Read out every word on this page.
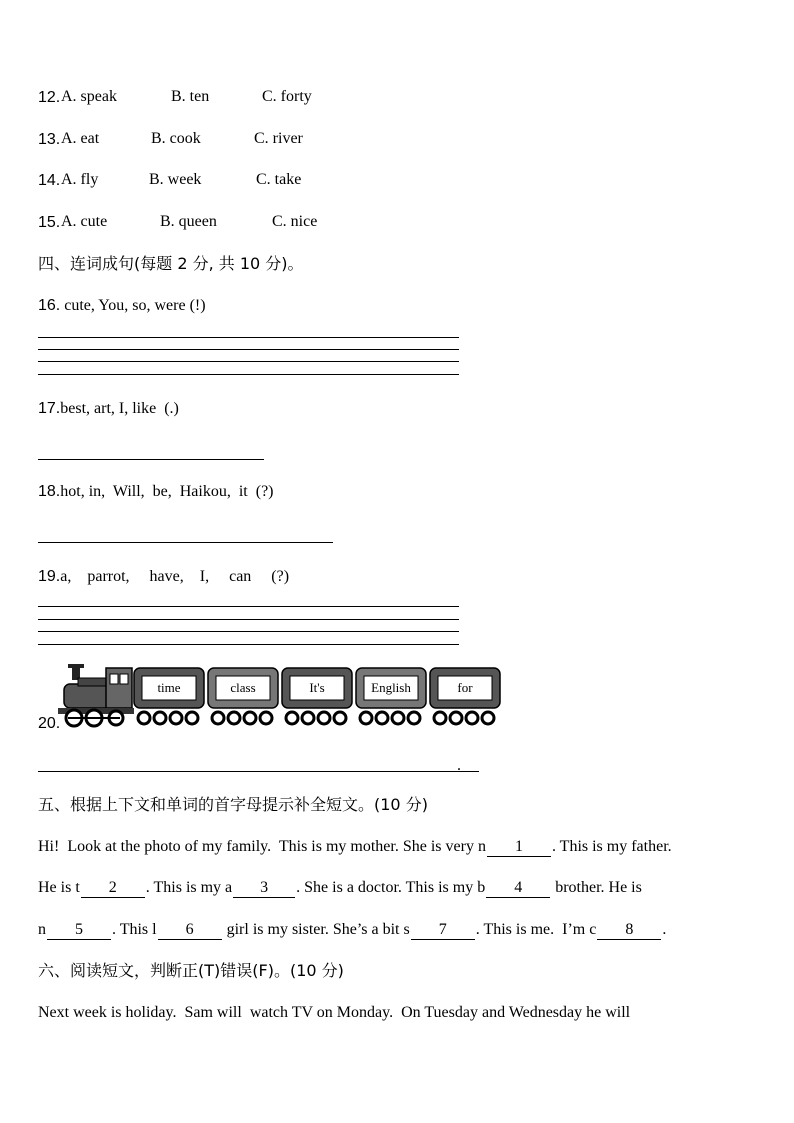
12. A. speak	B. ten	C. forty
13. A. eat	B. cook	C. river
14. A. fly	B. week	C. take
15. A. cute	B. queen	C. nice
四、连词成句(每题 2 分, 共 10 分)。
16. cute, You, so, were (!)
17.best, art, I, like  (.)
18.hot, in,  Will,  be,  Haikou,  it  (?)
19.a,    parrot,     have,    I,     can     (?)
20.
time	class	It's	English	for
.
五、根据上下文和单词的首字母提示补全短文。(10 分)
Hi!  Look at the photo of my family.  This is my mother. She is very n 1 . This is my father.
He is t 2 . This is my a 3 . She is a doctor. This is my b 4 brother. He is
n 5 . This l 6 girl is my sister. She’s a bit s 7 . This is me.  I’m c 8 .
六、阅读短文，判断正(T)错误(F)。(10 分)
Next week is holiday.  Sam will  watch TV on Monday.  On Tuesday and Wednesday he will
